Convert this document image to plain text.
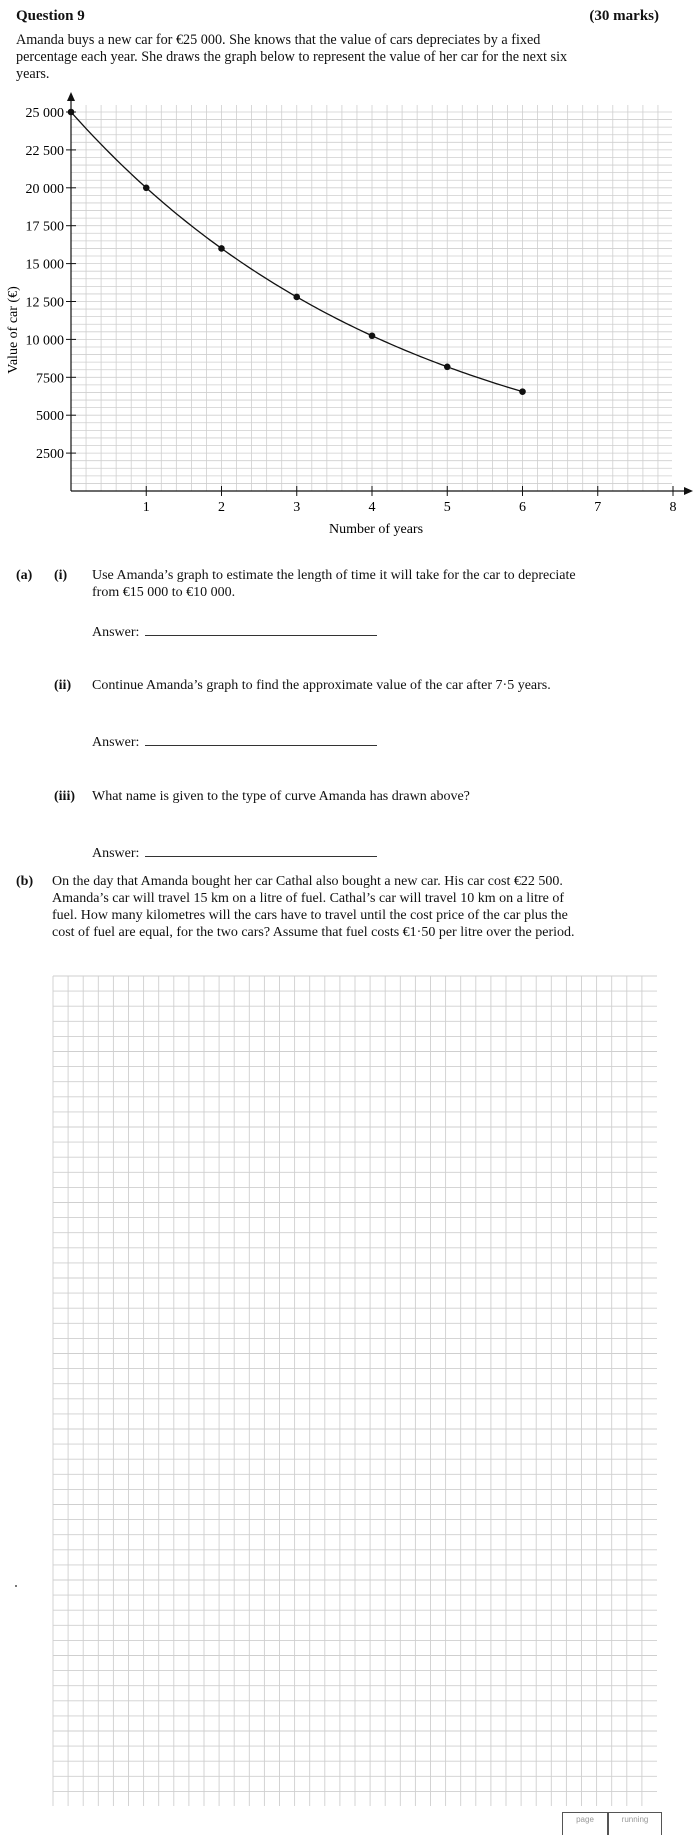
Question 9	(30 marks)
Amanda buys a new car for €25 000. She knows that the value of cars depreciates by a fixed
percentage each year. She draws the graph below to represent the value of her car for the next six
years.
1	2	3	4	5	6	7	8
2500
5000
7500
10 000
12 500
15 000
17 500
20 000
22 500
25 000
Number of years
Value of car (€)
(a) (i) Use Amanda’s graph to estimate the length of time it will take for the car to depreciate
from €15 000 to €10 000.
Answer:
(ii) Continue Amanda’s graph to find the approximate value of the car after 7·5 years.
Answer:
(iii) What name is given to the type of curve Amanda has drawn above?
Answer:
(b) On the day that Amanda bought her car Cathal also bought a new car. His car cost €22 500.
Amanda’s car will travel 15 km on a litre of fuel. Cathal’s car will travel 10 km on a litre of
fuel. How many kilometres will the cars have to travel until the cost price of the car plus the
cost of fuel are equal, for the two cars? Assume that fuel costs €1·50 per litre over the period.
page	running
